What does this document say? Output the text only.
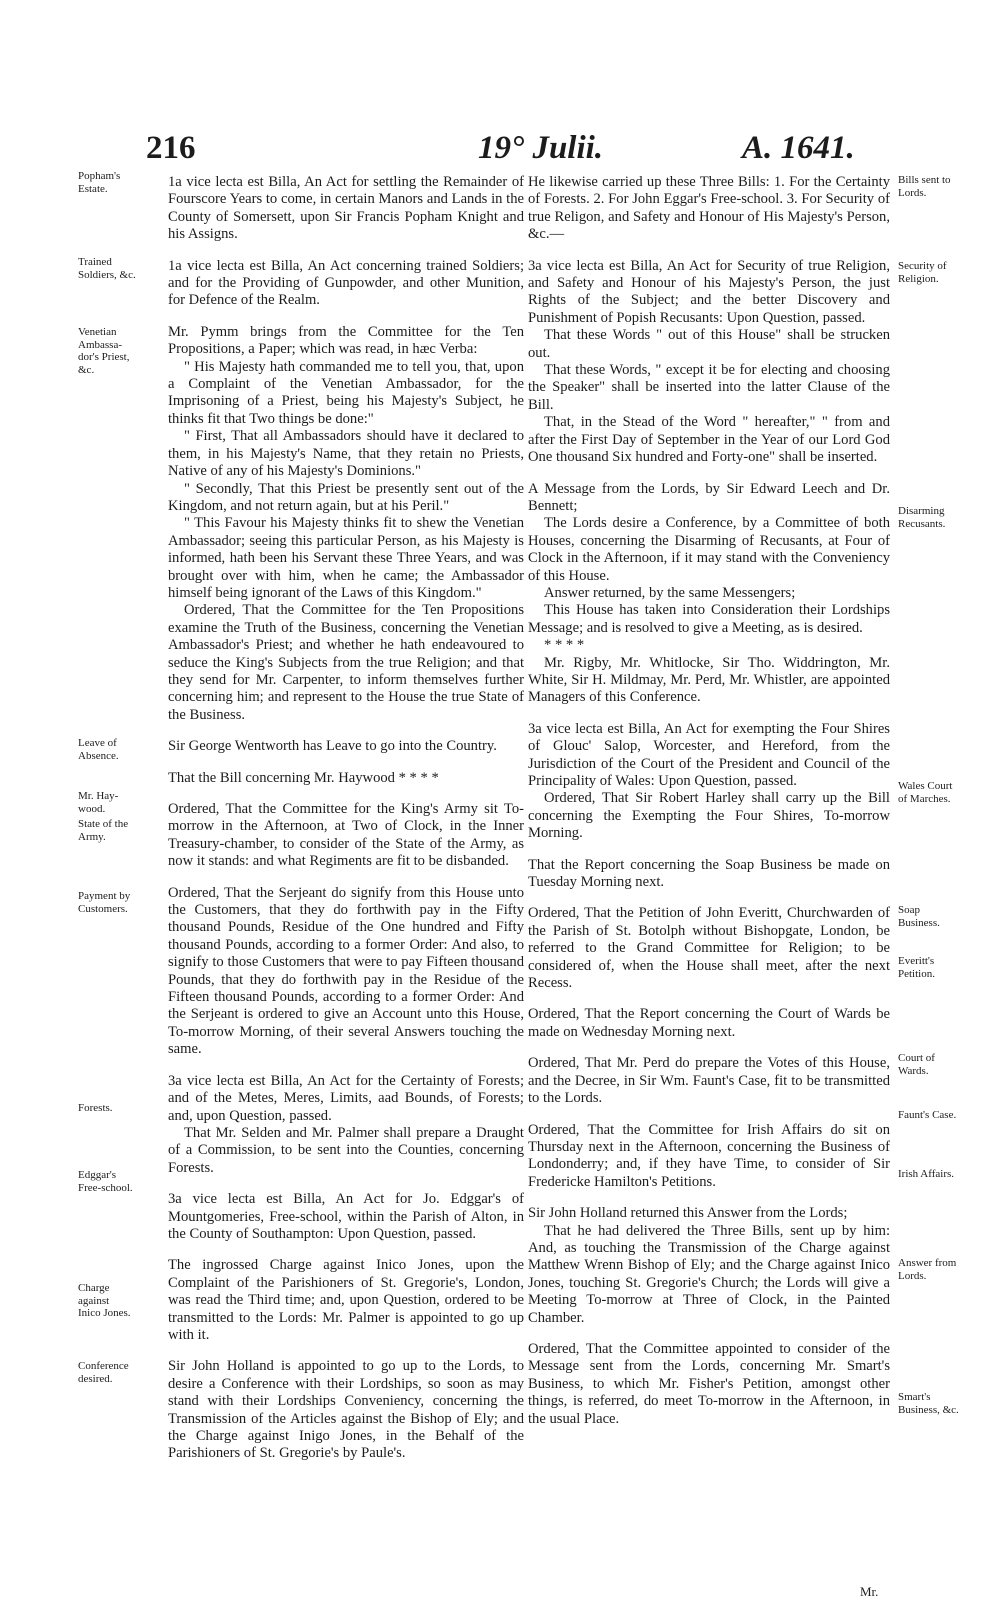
216	19° Julii.	A. 1641.

1a vice lecta est Billa, An Act for settling the Remainder of Fourscore Years to come, in certain Manors and Lands in the County of Somersett, upon Sir Francis Popham Knight and his Assigns.

1a vice lecta est Billa, An Act concerning trained Soldiers; and for the Providing of Gunpowder, and other Munition, for Defence of the Realm.

Mr. Pymm brings from the Committee for the Ten Propositions, a Paper; which was read, in hæc Verba:

" His Majesty hath commanded me to tell you, that, upon a Complaint of the Venetian Ambassador, for the Imprisoning of a Priest, being his Majesty's Subject, he thinks fit that Two things be done:"

" First, That all Ambassadors should have it declared to them, in his Majesty's Name, that they retain no Priests, Native of any of his Majesty's Dominions."

" Secondly, That this Priest be presently sent out of the Kingdom, and not return again, but at his Peril."

" This Favour his Majesty thinks fit to shew the Venetian Ambassador; seeing this particular Person, as his Majesty is informed, hath been his Servant these Three Years, and was brought over with him, when he came; the Ambassador himself being ignorant of the Laws of this Kingdom."

Ordered, That the Committee for the Ten Propositions examine the Truth of the Business, concerning the Venetian Ambassador's Priest; and whether he hath endeavoured to seduce the King's Subjects from the true Religion; and that they send for Mr. Carpenter, to inform themselves further concerning him; and represent to the House the true State of the Business.

Sir George Wentworth has Leave to go into the Country.

That the Bill concerning Mr. Haywood * * * *

Ordered, That the Committee for the King's Army sit To-morrow in the Afternoon, at Two of Clock, in the Inner Treasury-chamber, to consider of the State of the Army, as now it stands: and what Regiments are fit to be disbanded.

Ordered, That the Serjeant do signify from this House unto the Customers, that they do forthwith pay in the Fifty thousand Pounds, Residue of the One hundred and Fifty thousand Pounds, according to a former Order: And also, to signify to those Customers that were to pay Fifteen thousand Pounds, that they do forthwith pay in the Residue of the Fifteen thousand Pounds, according to a former Order: And the Serjeant is ordered to give an Account unto this House, To-morrow Morning, of their several Answers touching the same.

3a vice lecta est Billa, An Act for the Certainty of Forests; and of the Metes, Meres, Limits, aad Bounds, of Forests; and, upon Question, passed.

That Mr. Selden and Mr. Palmer shall prepare a Draught of a Commission, to be sent into the Counties, concerning Forests.

3a vice lecta est Billa, An Act for Jo. Edggar's of Mountgomeries, Free-school, within the Parish of Alton, in the County of Southampton: Upon Question, passed.

The ingrossed Charge against Inico Jones, upon the Complaint of the Parishioners of St. Gregorie's, London, was read the Third time; and, upon Question, ordered to be transmitted to the Lords: Mr. Palmer is appointed to go up with it.

Sir John Holland is appointed to go up to the Lords, to desire a Conference with their Lordships, so soon as may stand with their Lordships Conveniency, concerning the Transmission of the Articles against the Bishop of Ely; and the Charge against Inigo Jones, in the Behalf of the Parishioners of St. Gregorie's by Paule's.

He likewise carried up these Three Bills: 1. For the Certainty of Forests. 2. For John Eggar's Free-school. 3. For Security of true Religon, and Safety and Honour of His Majesty's Person, &c.—

3a vice lecta est Billa, An Act for Security of true Religion, and Safety and Honour of his Majesty's Person, the just Rights of the Subject; and the better Discovery and Punishment of Popish Recusants: Upon Question, passed.

That these Words " out of this House" shall be strucken out.

That these Words, " except it be for electing and choosing the Speaker" shall be inserted into the latter Clause of the Bill.

That, in the Stead of the Word " hereafter," " from and after the First Day of September in the Year of our Lord God One thousand Six hundred and Forty-one" shall be inserted.

A Message from the Lords, by Sir Edward Leech and Dr. Bennett;

The Lords desire a Conference, by a Committee of both Houses, concerning the Disarming of Recusants, at Four of Clock in the Afternoon, if it may stand with the Conveniency of this House.

Answer returned, by the same Messengers;

This House has taken into Consideration their Lordships Message; and is resolved to give a Meeting, as is desired.

* * * *

Mr. Rigby, Mr. Whitlocke, Sir Tho. Widdrington, Mr. White, Sir H. Mildmay, Mr. Perd, Mr. Whistler, are appointed Managers of this Conference.

3a vice lecta est Billa, An Act for exempting the Four Shires of Glouc' Salop, Worcester, and Hereford, from the Jurisdiction of the Court of the President and Council of the Principality of Wales: Upon Question, passed.

Ordered, That Sir Robert Harley shall carry up the Bill concerning the Exempting the Four Shires, To-morrow Morning.

That the Report concerning the Soap Business be made on Tuesday Morning next.

Ordered, That the Petition of John Everitt, Churchwarden of the Parish of St. Botolph without Bishopgate, London, be referred to the Grand Committee for Religion; to be considered of, when the House shall meet, after the next Recess.

Ordered, That the Report concerning the Court of Wards be made on Wednesday Morning next.

Ordered, That Mr. Perd do prepare the Votes of this House, and the Decree, in Sir Wm. Faunt's Case, fit to be transmitted to the Lords.

Ordered, That the Committee for Irish Affairs do sit on Thursday next in the Afternoon, concerning the Business of Londonderry; and, if they have Time, to consider of Sir Fredericke Hamilton's Petitions.

Sir John Holland returned this Answer from the Lords;

That he had delivered the Three Bills, sent up by him: And, as touching the Transmission of the Charge against Matthew Wrenn Bishop of Ely; and the Charge against Inico Jones, touching St. Gregorie's Church; the Lords will give a Meeting To-morrow at Three of Clock, in the Painted Chamber.

Ordered, That the Committee appointed to consider of the Message sent from the Lords, concerning Mr. Smart's Business, to which Mr. Fisher's Petition, amongst other things, is referred, do meet To-morrow in the Afternoon, in the usual Place.

Popham's
Estate.
Trained
Soldiers, &c.
Venetian
Ambassa-
dor's Priest,
&c.
Leave of
Absence.
Mr. Hay-
wood.
State of the
Army.
Payment by
Customers.
Forests.
Edggar's
Free-school.
Charge
against
Inico Jones.
Conference
desired.
Bills sent to
Lords.
Security of
Religion.
Disarming
Recusants.
Wales Court
of Marches.
Soap
Business.
Everitt's
Petition.
Court of
Wards.
Faunt's Case.
Irish Affairs.
Answer from
Lords.
Smart's
Business, &c.
Mr.
